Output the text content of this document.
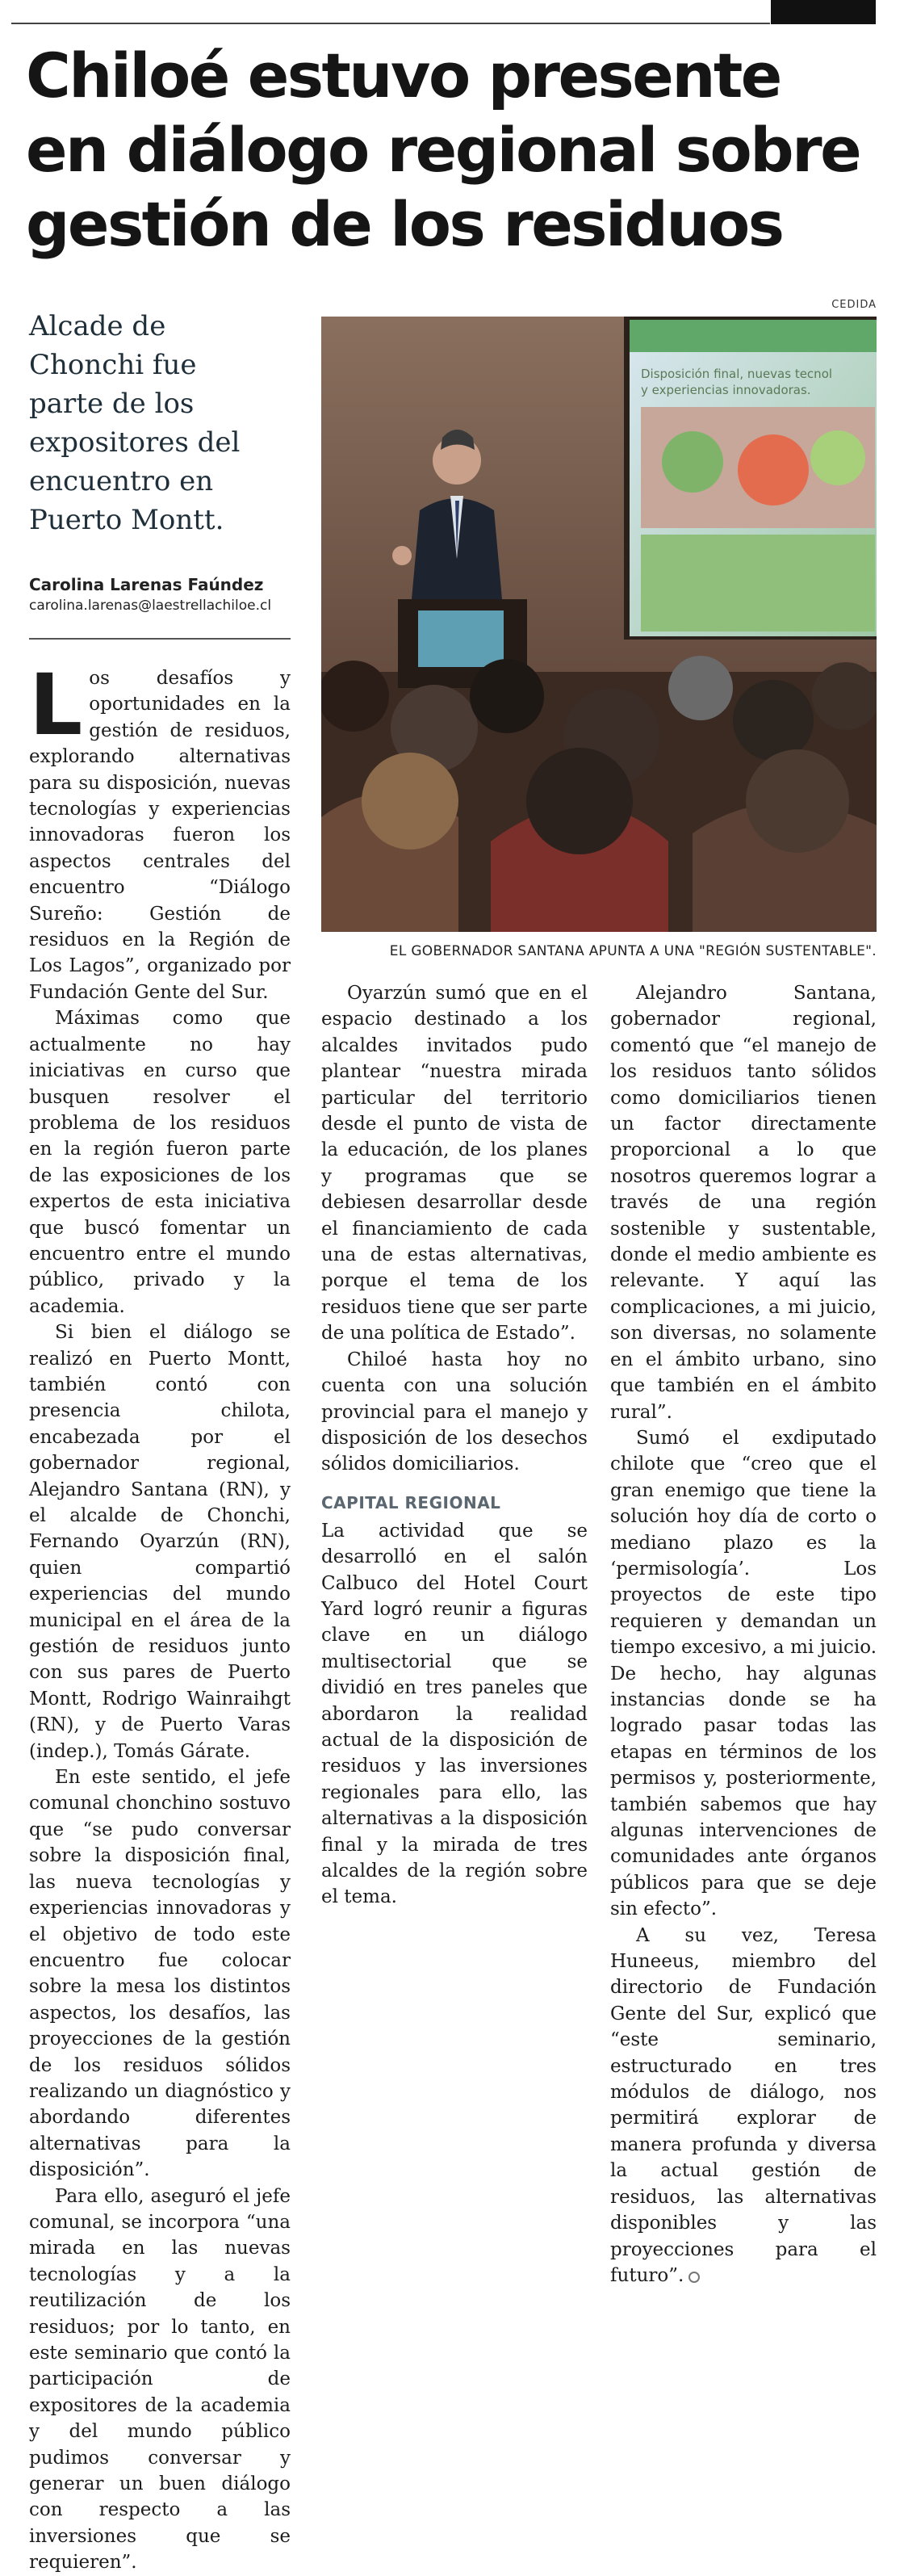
Chiloé estuvo presente
en diálogo regional sobre
gestión de los residuos
CEDIDA

Alcade de
Chonchi fue
parte de los
expositores del
encuentro en
Puerto Montt.

Carolina Larenas Faúndez
carolina.larenas@laestrellachiloe.cl
Disposición final, nuevas tecnol
y experiencias innovadoras.
EL GOBERNADOR SANTANA APUNTA A UNA "REGIÓN SUSTENTABLE".

Los desafíos y oportunidades en la gestión de residuos, explorando alternativas para su disposición, nuevas tecnologías y experiencias innovadoras fueron los aspectos centrales del encuentro “Diálogo Sureño: Gestión de residuos en la Región de Los Lagos”, organizado por Fundación Gente del Sur.

Máximas como que actualmente no hay iniciativas en curso que busquen resolver el problema de los residuos en la región fueron parte de las exposiciones de los expertos de esta iniciativa que buscó fomentar un encuentro entre el mundo público, privado y la academia.

Si bien el diálogo se realizó en Puerto Montt, también contó con presencia chilota, encabezada por el gobernador regional, Alejandro Santana (RN), y el alcalde de Chonchi, Fernando Oyarzún (RN), quien compartió experiencias del mundo municipal en el área de la gestión de residuos junto con sus pares de Puerto Montt, Rodrigo Wainraihgt (RN), y de Puerto Varas (indep.), Tomás Gárate.

En este sentido, el jefe comunal chonchino sostuvo que “se pudo conversar sobre la disposición final, las nueva tecnologías y experiencias innovadoras y el objetivo de todo este encuentro fue colocar sobre la mesa los distintos aspectos, los desafíos, las proyecciones de la gestión de los residuos sólidos realizando un diagnóstico y abordando diferentes alternativas para la disposición”.

Para ello, aseguró el jefe comunal, se incorpora “una mirada en las nuevas tecnologías y a la reutilización de los residuos; por lo tanto, en este seminario que contó la participación de expositores de la academia y del mundo público pudimos conversar y generar un buen diálogo con respecto a las inversiones que se requieren”.

Oyarzún sumó que en el espacio destinado a los alcaldes invitados pudo plantear “nuestra mirada particular del territorio desde el punto de vista de la educación, de los planes y programas que se debiesen desarrollar desde el financiamiento de cada una de estas alternativas, porque el tema de los residuos tiene que ser parte de una política de Estado”.

Chiloé hasta hoy no cuenta con una solución provincial para el manejo y disposición de los desechos sólidos domiciliarios.

CAPITAL REGIONAL

La actividad que se desarrolló en el salón Calbuco del Hotel Court Yard logró reunir a figuras clave en un diálogo multisectorial que se dividió en tres paneles que abordaron la realidad actual de la disposición de residuos y las inversiones regionales para ello, las alternativas a la disposición final y la mirada de tres alcaldes de la región sobre el tema.

Alejandro Santana, gobernador regional, comentó que “el manejo de los residuos tanto sólidos como domiciliarios tienen un factor directamente proporcional a lo que nosotros queremos lograr a través de una región sostenible y sustentable, donde el medio ambiente es relevante. Y aquí las complicaciones, a mi juicio, son diversas, no solamente en el ámbito urbano, sino que también en el ámbito rural”.

Sumó el exdiputado chilote que “creo que el gran enemigo que tiene la solución hoy día de corto o mediano plazo es la ‘permisología’. Los proyectos de este tipo requieren y demandan un tiempo excesivo, a mi juicio. De hecho, hay algunas instancias donde se ha logrado pasar todas las etapas en términos de los permisos y, posteriormente, también sabemos que hay algunas intervenciones de comunidades ante órganos públicos para que se deje sin efecto”.

A su vez, Teresa Huneeus, miembro del directorio de Fundación Gente del Sur, explicó que “este seminario, estructurado en tres módulos de diálogo, nos permitirá explorar de manera profunda y diversa la actual gestión de residuos, las alternativas disponibles y las proyecciones para el futuro”.
